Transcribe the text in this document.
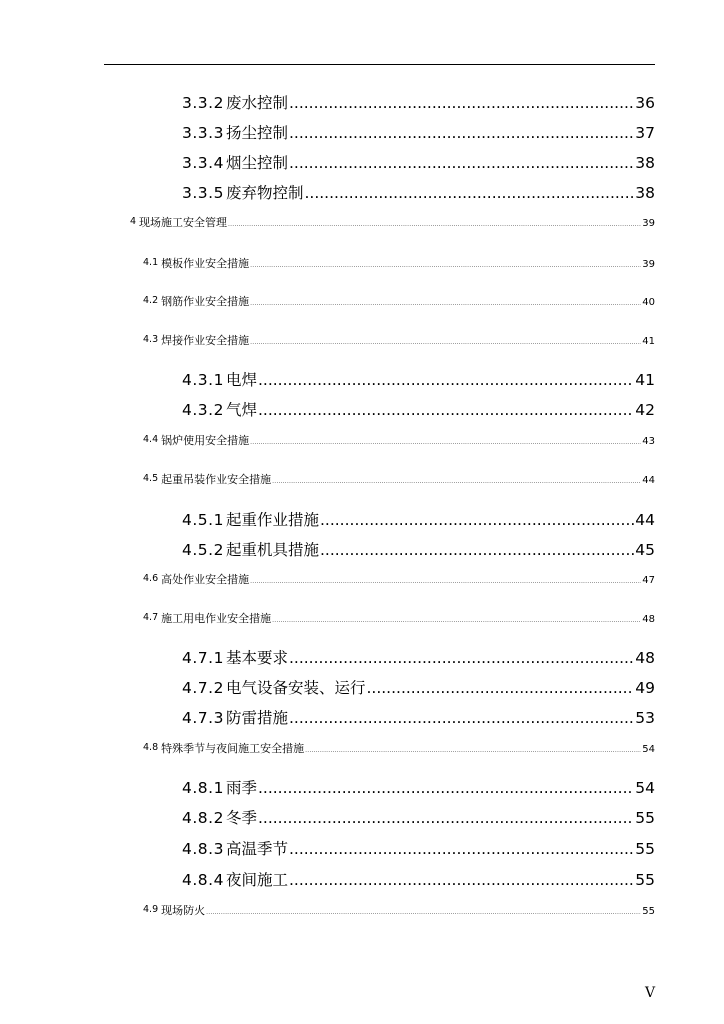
3.3.2 废水控制 .....	36
3.3.3 扬尘控制 .....	37
3.3.4 烟尘控制 .....	38
3.3.5 废弃物控制 .....	38
4 现场施工安全管理 .....	39
4.1 模板作业安全措施 .....	39
4.2 钢筋作业安全措施 .....	40
4.3 焊接作业安全措施 .....	41
4.3.1 电焊 .....	41
4.3.2 气焊 .....	42
4.4 锅炉使用安全措施 .....	43
4.5 起重吊装作业安全措施 .....	44
4.5.1 起重作业措施 .....	44
4.5.2 起重机具措施 .....	45
4.6 高处作业安全措施 .....	47
4.7 施工用电作业安全措施 .....	48
4.7.1 基本要求 .....	48
4.7.2 电气设备安装、运行 .....	49
4.7.3 防雷措施 .....	53
4.8 特殊季节与夜间施工安全措施 .....	54
4.8.1 雨季 .....	54
4.8.2 冬季 .....	55
4.8.3 高温季节 .....	55
4.8.4 夜间施工 .....	55
4.9 现场防火 .....	55
V
